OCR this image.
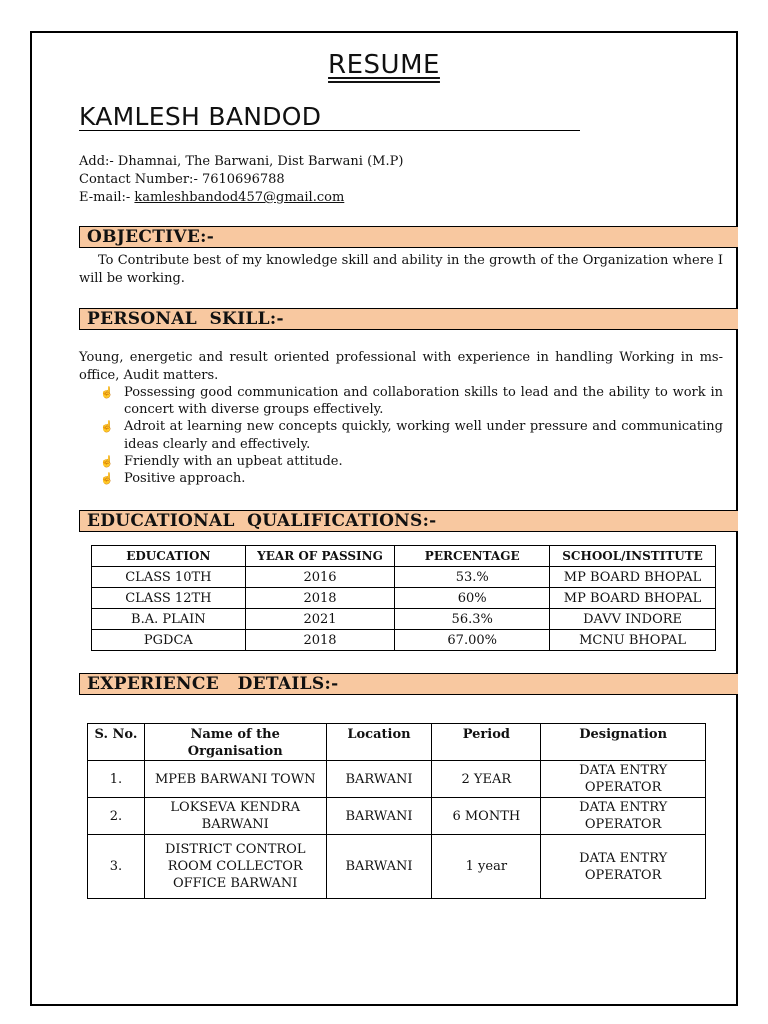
RESUME
KAMLESH BANDOD
Add:- Dhamnai, The Barwani, Dist Barwani (M.P)
Contact Number:- 7610696788
E-mail:- kamleshbandod457@gmail.com
OBJECTIVE:-
To Contribute best of my knowledge skill and ability in the growth of the Organization where I will be working.
PERSONAL  SKILL:-
Young, energetic and result oriented professional with experience in handling Working in ms-office, Audit matters.
☝ Possessing good communication and collaboration skills to lead and the ability to work in concert with diverse groups effectively.
☝ Adroit at learning new concepts quickly, working well under pressure and communicating ideas clearly and effectively.
☝ Friendly with an upbeat attitude.
☝ Positive approach.
EDUCATIONAL  QUALIFICATIONS:-
EDUCATION	YEAR OF PASSING	PERCENTAGE	SCHOOL/INSTITUTE
CLASS 10TH	2016	53.%	MP BOARD BHOPAL
CLASS 12TH	2018	60%	MP BOARD BHOPAL
B.A. PLAIN	2021	56.3%	DAVV INDORE
PGDCA	2018	67.00%	MCNU BHOPAL
EXPERIENCE   DETAILS:-
S. No.	Name of the Organisation	Location	Period	Designation
1.	MPEB BARWANI TOWN	BARWANI	2 YEAR	DATA ENTRY OPERATOR
2.	LOKSEVA KENDRA BARWANI	BARWANI	6 MONTH	DATA ENTRY OPERATOR
3.	DISTRICT CONTROL ROOM COLLECTOR OFFICE BARWANI	BARWANI	1 year	DATA ENTRY OPERATOR
